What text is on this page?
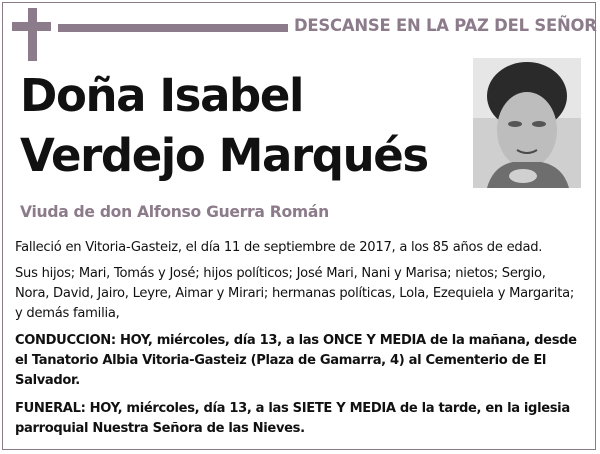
DESCANSE EN LA PAZ DEL SEÑOR
Doña Isabel
Verdejo Marqués
Viuda de don Alfonso Guerra Román
Falleció en Vitoria-Gasteiz, el día 11 de septiembre de 2017, a los 85 años de edad.
Sus hijos; Mari, Tomás y José; hijos políticos; José Mari, Nani y Marisa; nietos; Sergio, Nora, David, Jairo, Leyre, Aimar y Mirari; hermanas políticas, Lola, Ezequiela y Margarita; y demás familia,
CONDUCCION: HOY, miércoles, día 13, a las ONCE Y MEDIA de la mañana, desde el Tanatorio Albia Vitoria-Gasteiz (Plaza de Gamarra, 4) al Cementerio de El Salvador.
FUNERAL: HOY, miércoles, día 13, a las SIETE Y MEDIA de la tarde, en la iglesia parroquial Nuestra Señora de las Nieves.
